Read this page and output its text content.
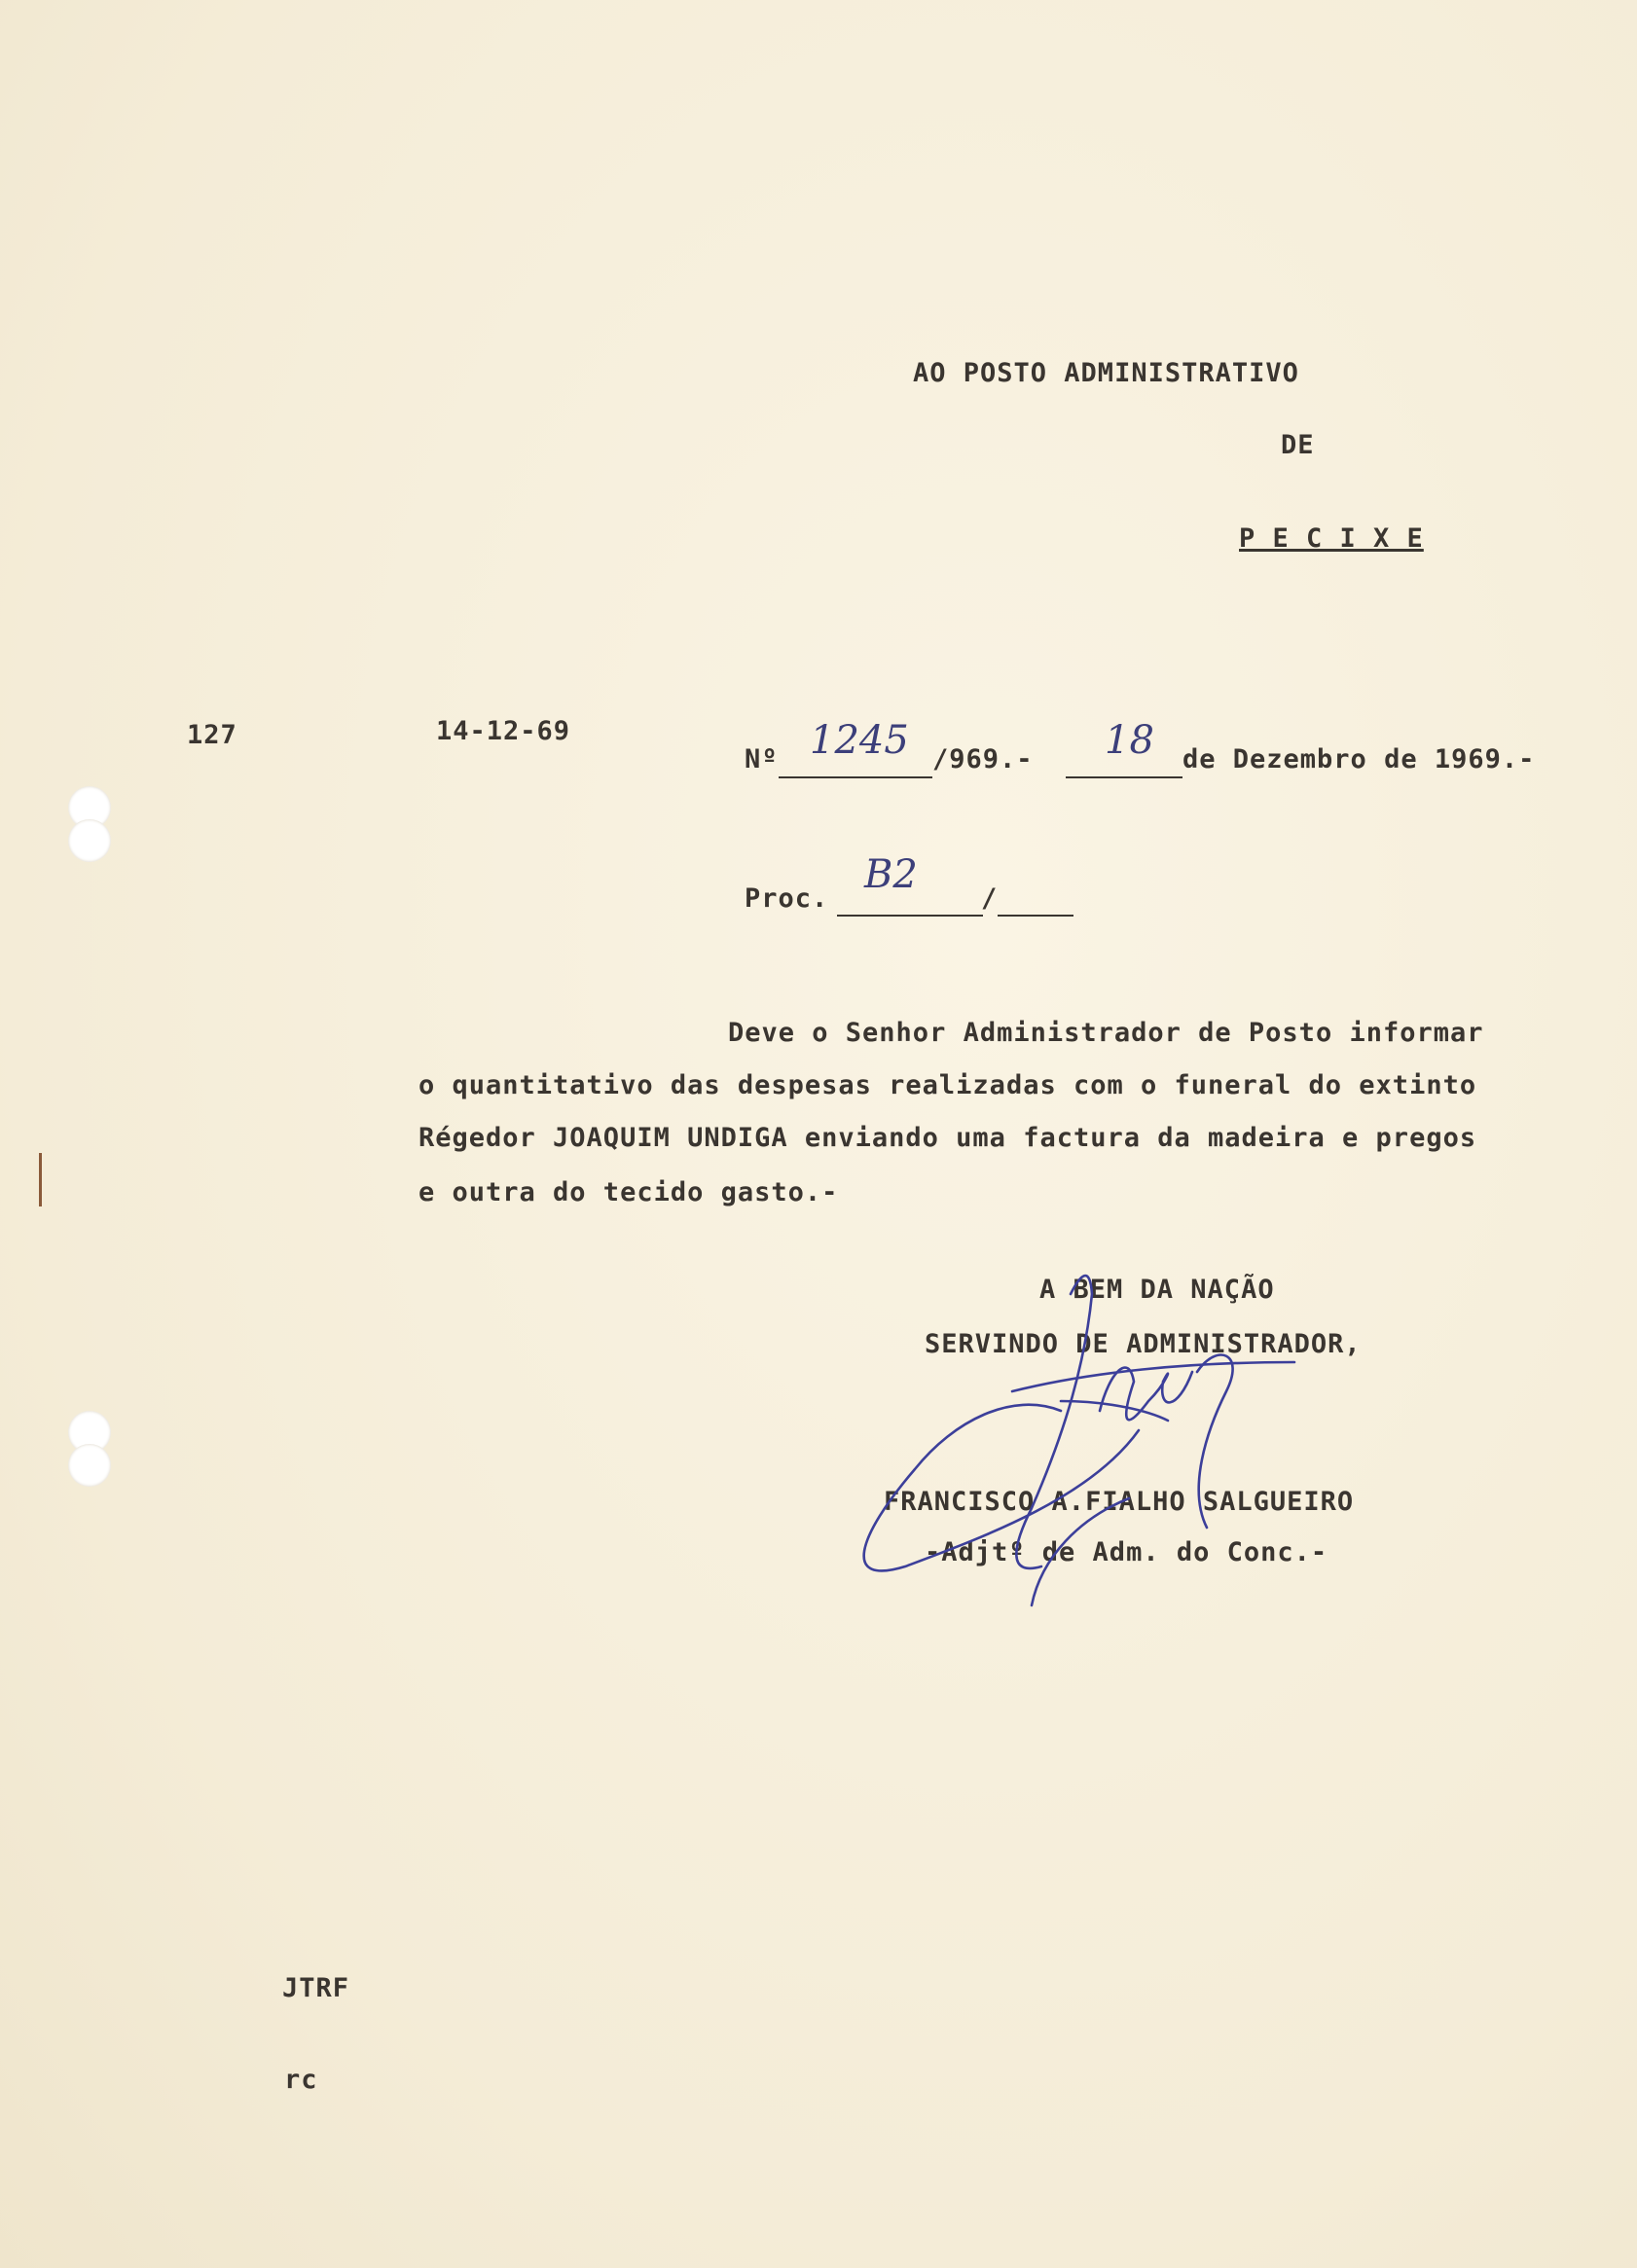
AO POSTO ADMINISTRATIVO
DE
P E C I X E
127	14-12-69
Nº 1245 /969.- 18 de Dezembro de 1969.-
Proc.
B2
/
Deve o Senhor Administrador de Posto informar
o quantitativo das despesas realizadas com o funeral do extinto
Régedor JOAQUIM UNDIGA enviando uma factura da madeira e pregos
e outra do tecido gasto.-
A BEM DA NAÇÃO
SERVINDO DE ADMINISTRADOR,
FRANCISCO A.FIALHO SALGUEIRO
-Adjtº de Adm. do Conc.-
JTRF
rc
